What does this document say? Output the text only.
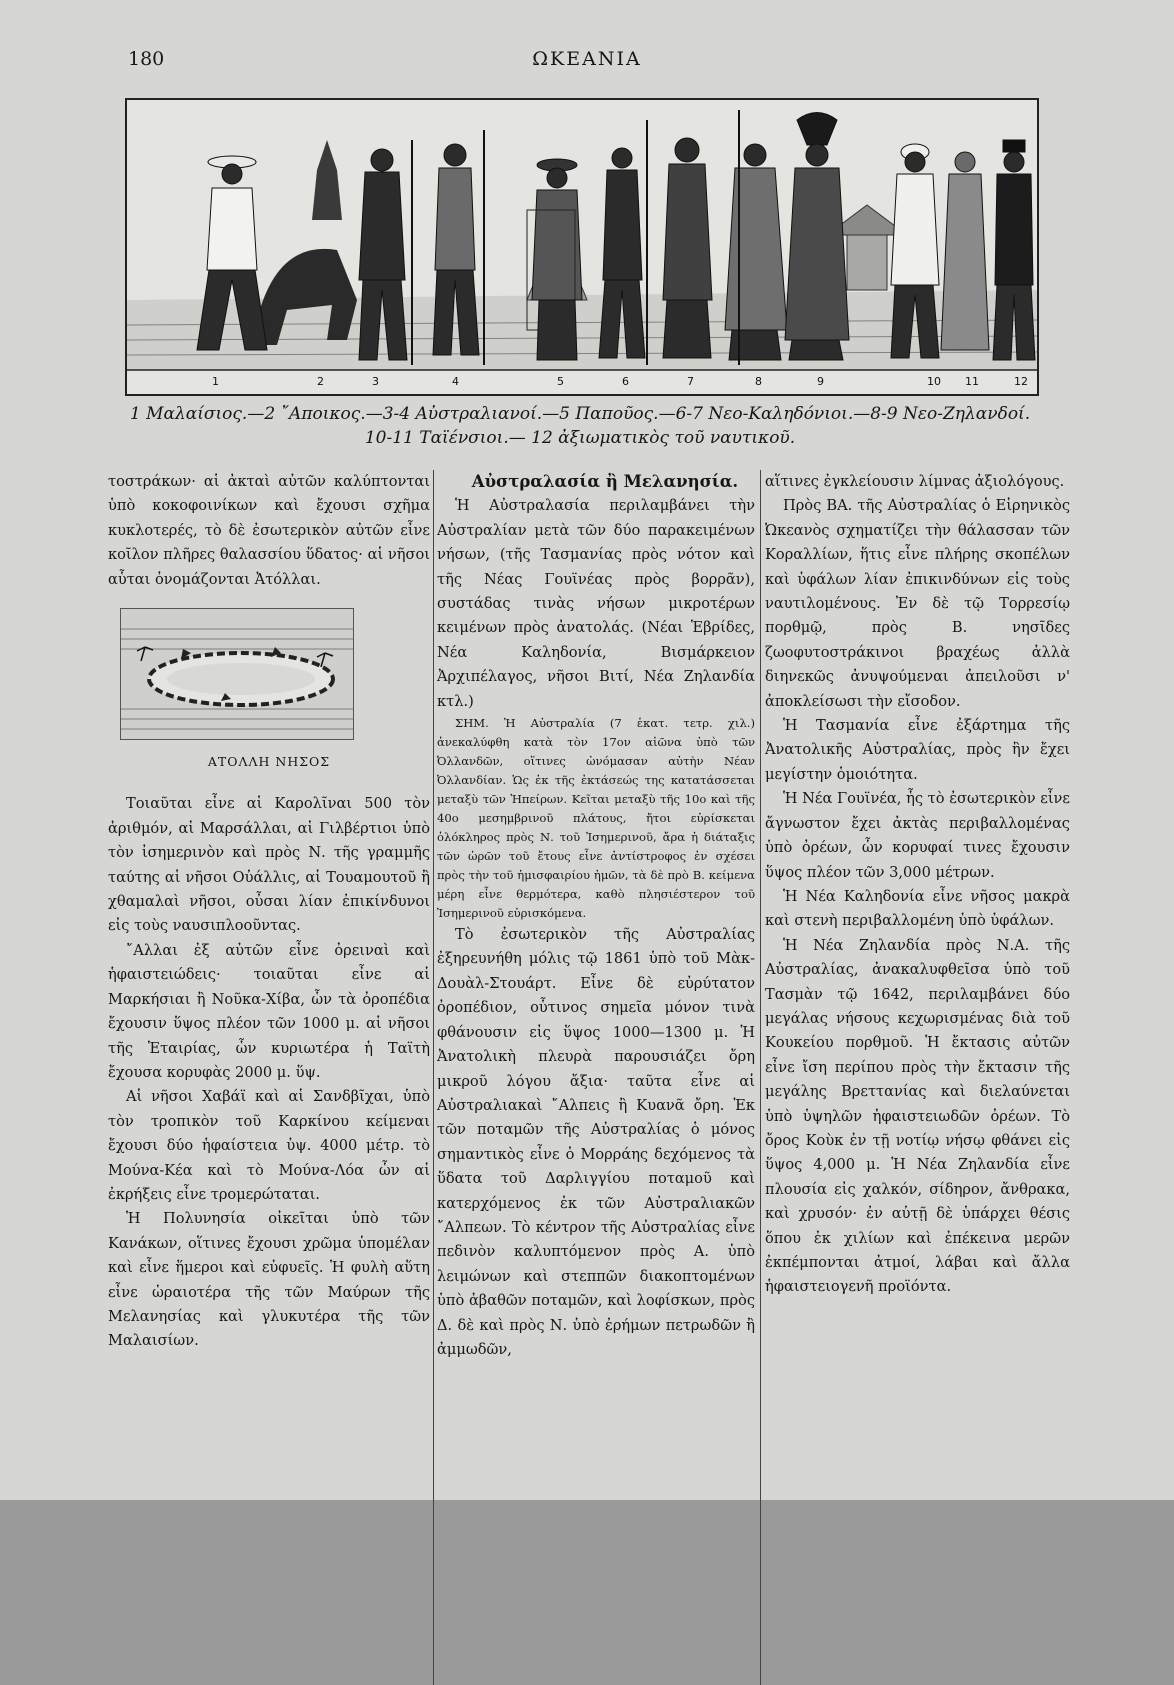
180	ΩΚΕΑΝΙΑ
1	2	3	4	5	6	7	8	9	10 11	12
1 Μαλαίσιος.—2 ῎Αποικος.—3-4 Αὐστραλιανοί.—5 Παποῦος.—6-7 Νεο-Καληδόνιοι.—8-9 Νεο-Ζηλανδοί.
10-11 Ταϊένσιοι.— 12 ἀξιωματικὸς τοῦ ναυτικοῦ.

τοστράκων· αἱ ἀκταὶ αὐτῶν καλύπτονται ὑπὸ κοκοφοινίκων καὶ ἔχουσι σχῆμα κυκλοτερές, τὸ δὲ ἐσωτερικὸν αὐτῶν εἶνε κοῖλον πλῆρες θαλασσίου ὕδατος· αἱ νῆσοι αὗται ὀνομάζονται Ἀτόλλαι.

ΑΤΟΛΛΗ ΝΗΣΟΣ

Τοιαῦται εἶνε αἱ Καρολῖναι 500 τὸν ἀριθμόν, αἱ Μαρσάλλαι, αἱ Γιλβέρτιοι ὑπὸ τὸν ἰσημερινὸν καὶ πρὸς Ν. τῆς γραμμῆς ταύτης αἱ νῆσοι Οὐάλλις, αἱ Τουαμουτοῦ ἢ χθαμαλαὶ νῆσοι, οὖσαι λίαν ἐπικίνδυνοι εἰς τοὺς ναυσιπλοοῦντας.

῎Αλλαι ἐξ αὐτῶν εἶνε ὀρειναὶ καὶ ἡφαιστειώδεις· τοιαῦται εἶνε αἱ Μαρκήσιαι ἢ Νοῦκα-Χίβα, ὧν τὰ ὀροπέδια ἔχουσιν ὕψος πλέον τῶν 1000 μ. αἱ νῆσοι τῆς Ἑταιρίας, ὧν κυριωτέρα ἡ Ταϊτὴ ἔχουσα κορυφὰς 2000 μ. ὕψ.

Αἱ νῆσοι Χαβάϊ καὶ αἱ Σανδβῖχαι, ὑπὸ τὸν τροπικὸν τοῦ Καρκίνου κείμεναι ἔχουσι δύο ἡφαίστεια ὑψ. 4000 μέτρ. τὸ Μούνα-Κέα καὶ τὸ Μούνα-Λόα ὧν αἱ ἐκρήξεις εἶνε τρομερώταται.

Ἡ Πολυνησία οἰκεῖται ὑπὸ τῶν Κανάκων, οἵτινες ἔχουσι χρῶμα ὑπομέλαν καὶ εἶνε ἥμεροι καὶ εὐφυεῖς. Ἡ φυλὴ αὕτη εἶνε ὡραιοτέρα τῆς τῶν Μαύρων τῆς Μελανησίας καὶ γλυκυτέρα τῆς τῶν Μαλαισίων.

Αὐστραλασία ἢ Μελανησία.

Ἡ Αὐστραλασία περιλαμβάνει τὴν Αὐστραλίαν μετὰ τῶν δύο παρακειμένων νήσων, (τῆς Τασμανίας πρὸς νότον καὶ τῆς Νέας Γουϊνέας πρὸς βορρᾶν), συστάδας τινὰς νήσων μικροτέρων κειμένων πρὸς ἀνατολάς. (Νέαι Ἑβρίδες, Νέα Καληδονία, Βισμάρκειον Ἀρχιπέλαγος, νῆσοι Βιτί, Νέα Ζηλανδία κτλ.)

ΣΗΜ. Ἡ Αὐστραλία (7 ἑκατ. τετρ. χιλ.) ἀνεκαλύφθη κατὰ τὸν 17ον αἰῶνα ὑπὸ τῶν Ὀλλανδῶν, οἵτινες ὠνόμασαν αὐτὴν Νέαν Ὀλλανδίαν. Ὡς ἐκ τῆς ἐκτάσεώς της κατατάσσεται μεταξὺ τῶν Ἠπείρων. Κεῖται μεταξὺ τῆς 10ο καὶ τῆς 40ο μεσημβρινοῦ πλάτους, ἤτοι εὑρίσκεται ὁλόκληρος πρὸς Ν. τοῦ Ἰσημερινοῦ, ἄρα ἡ διάταξις τῶν ὡρῶν τοῦ ἔτους εἶνε ἀντίστροφος ἐν σχέσει πρὸς τὴν τοῦ ἡμισφαιρίου ἡμῶν, τὰ δὲ πρὸ Β. κείμενα μέρη εἶνε θερμότερα, καθὸ πλησιέστερον τοῦ Ἰσημερινοῦ εὑρισκόμενα.

Τὸ ἐσωτερικὸν τῆς Αὐστραλίας ἐξηρευνήθη μόλις τῷ 1861 ὑπὸ τοῦ Μὰκ-Δουὰλ-Στουάρτ. Εἶνε δὲ εὐρύτατον ὀροπέδιον, οὗτινος σημεῖα μόνον τινὰ φθάνουσιν εἰς ὕψος 1000—1300 μ. Ἡ Ἀνατολικὴ πλευρὰ παρουσιάζει ὄρη μικροῦ λόγου ἄξια· ταῦτα εἶνε αἱ Αὐστραλιακαὶ ῎Αλπεις ἢ Κυανᾶ ὄρη. Ἐκ τῶν ποταμῶν τῆς Αὐστραλίας ὁ μόνος σημαντικὸς εἶνε ὁ Μορράης δεχόμενος τὰ ὕδατα τοῦ Δαρλιγγίου ποταμοῦ καὶ κατερχόμενος ἐκ τῶν Αὐστραλιακῶν ῎Αλπεων. Τὸ κέντρον τῆς Αὐστραλίας εἶνε πεδινὸν καλυπτόμενον πρὸς Α. ὑπὸ λειμώνων καὶ στεππῶν διακοπτομένων ὑπὸ ἀβαθῶν ποταμῶν, καὶ λοφίσκων, πρὸς Δ. δὲ καὶ πρὸς Ν. ὑπὸ ἐρήμων πετρωδῶν ἢ ἀμμωδῶν,

αἵτινες ἐγκλείουσιν λίμνας ἀξιολόγους.

Πρὸς ΒΑ. τῆς Αὐστραλίας ὁ Εἰρηνικὸς Ὠκεανὸς σχηματίζει τὴν θάλασσαν τῶν Κοραλλίων, ἥτις εἶνε πλήρης σκοπέλων καὶ ὑφάλων λίαν ἐπικινδύνων εἰς τοὺς ναυτιλομένους. Ἐν δὲ τῷ Τορρεσίῳ πορθμῷ, πρὸς Β. νησῖδες ζωοφυτοστράκινοι βραχέως ἀλλὰ διηνεκῶς ἀνυψούμεναι ἀπειλοῦσι ν' ἀποκλείσωσι τὴν εἴσοδον.

Ἡ Τασμανία εἶνε ἐξάρτημα τῆς Ἀνατολικῆς Αὐστραλίας, πρὸς ἣν ἔχει μεγίστην ὁμοιότητα.

Ἡ Νέα Γουϊνέα, ἧς τὸ ἐσωτερικὸν εἶνε ἄγνωστον ἔχει ἀκτὰς περιβαλλομένας ὑπὸ ὀρέων, ὧν κορυφαί τινες ἔχουσιν ὕψος πλέον τῶν 3,000 μέτρων.

Ἡ Νέα Καληδονία εἶνε νῆσος μακρὰ καὶ στενὴ περιβαλλομένη ὑπὸ ὑφάλων.

Ἡ Νέα Ζηλανδία πρὸς Ν.Α. τῆς Αὐστραλίας, ἀνακαλυφθεῖσα ὑπὸ τοῦ Τασμὰν τῷ 1642, περιλαμβάνει δύο μεγάλας νήσους κεχωρισμένας διὰ τοῦ Κουκείου πορθμοῦ. Ἡ ἔκτασις αὐτῶν εἶνε ἴση περίπου πρὸς τὴν ἔκτασιν τῆς μεγάλης Βρεττανίας καὶ διελαύνεται ὑπὸ ὑψηλῶν ἡφαιστειωδῶν ὀρέων. Τὸ ὄρος Κοὺκ ἐν τῇ νοτίῳ νήσῳ φθάνει εἰς ὕψος 4,000 μ. Ἡ Νέα Ζηλανδία εἶνε πλουσία εἰς χαλκόν, σίδηρον, ἄνθρακα, καὶ χρυσόν· ἐν αὐτῇ δὲ ὑπάρχει θέσις ὅπου ἐκ χιλίων καὶ ἐπέκεινα μερῶν ἐκπέμπονται ἀτμοί, λάβαι καὶ ἄλλα ἡφαιστειογενῆ προϊόντα.
